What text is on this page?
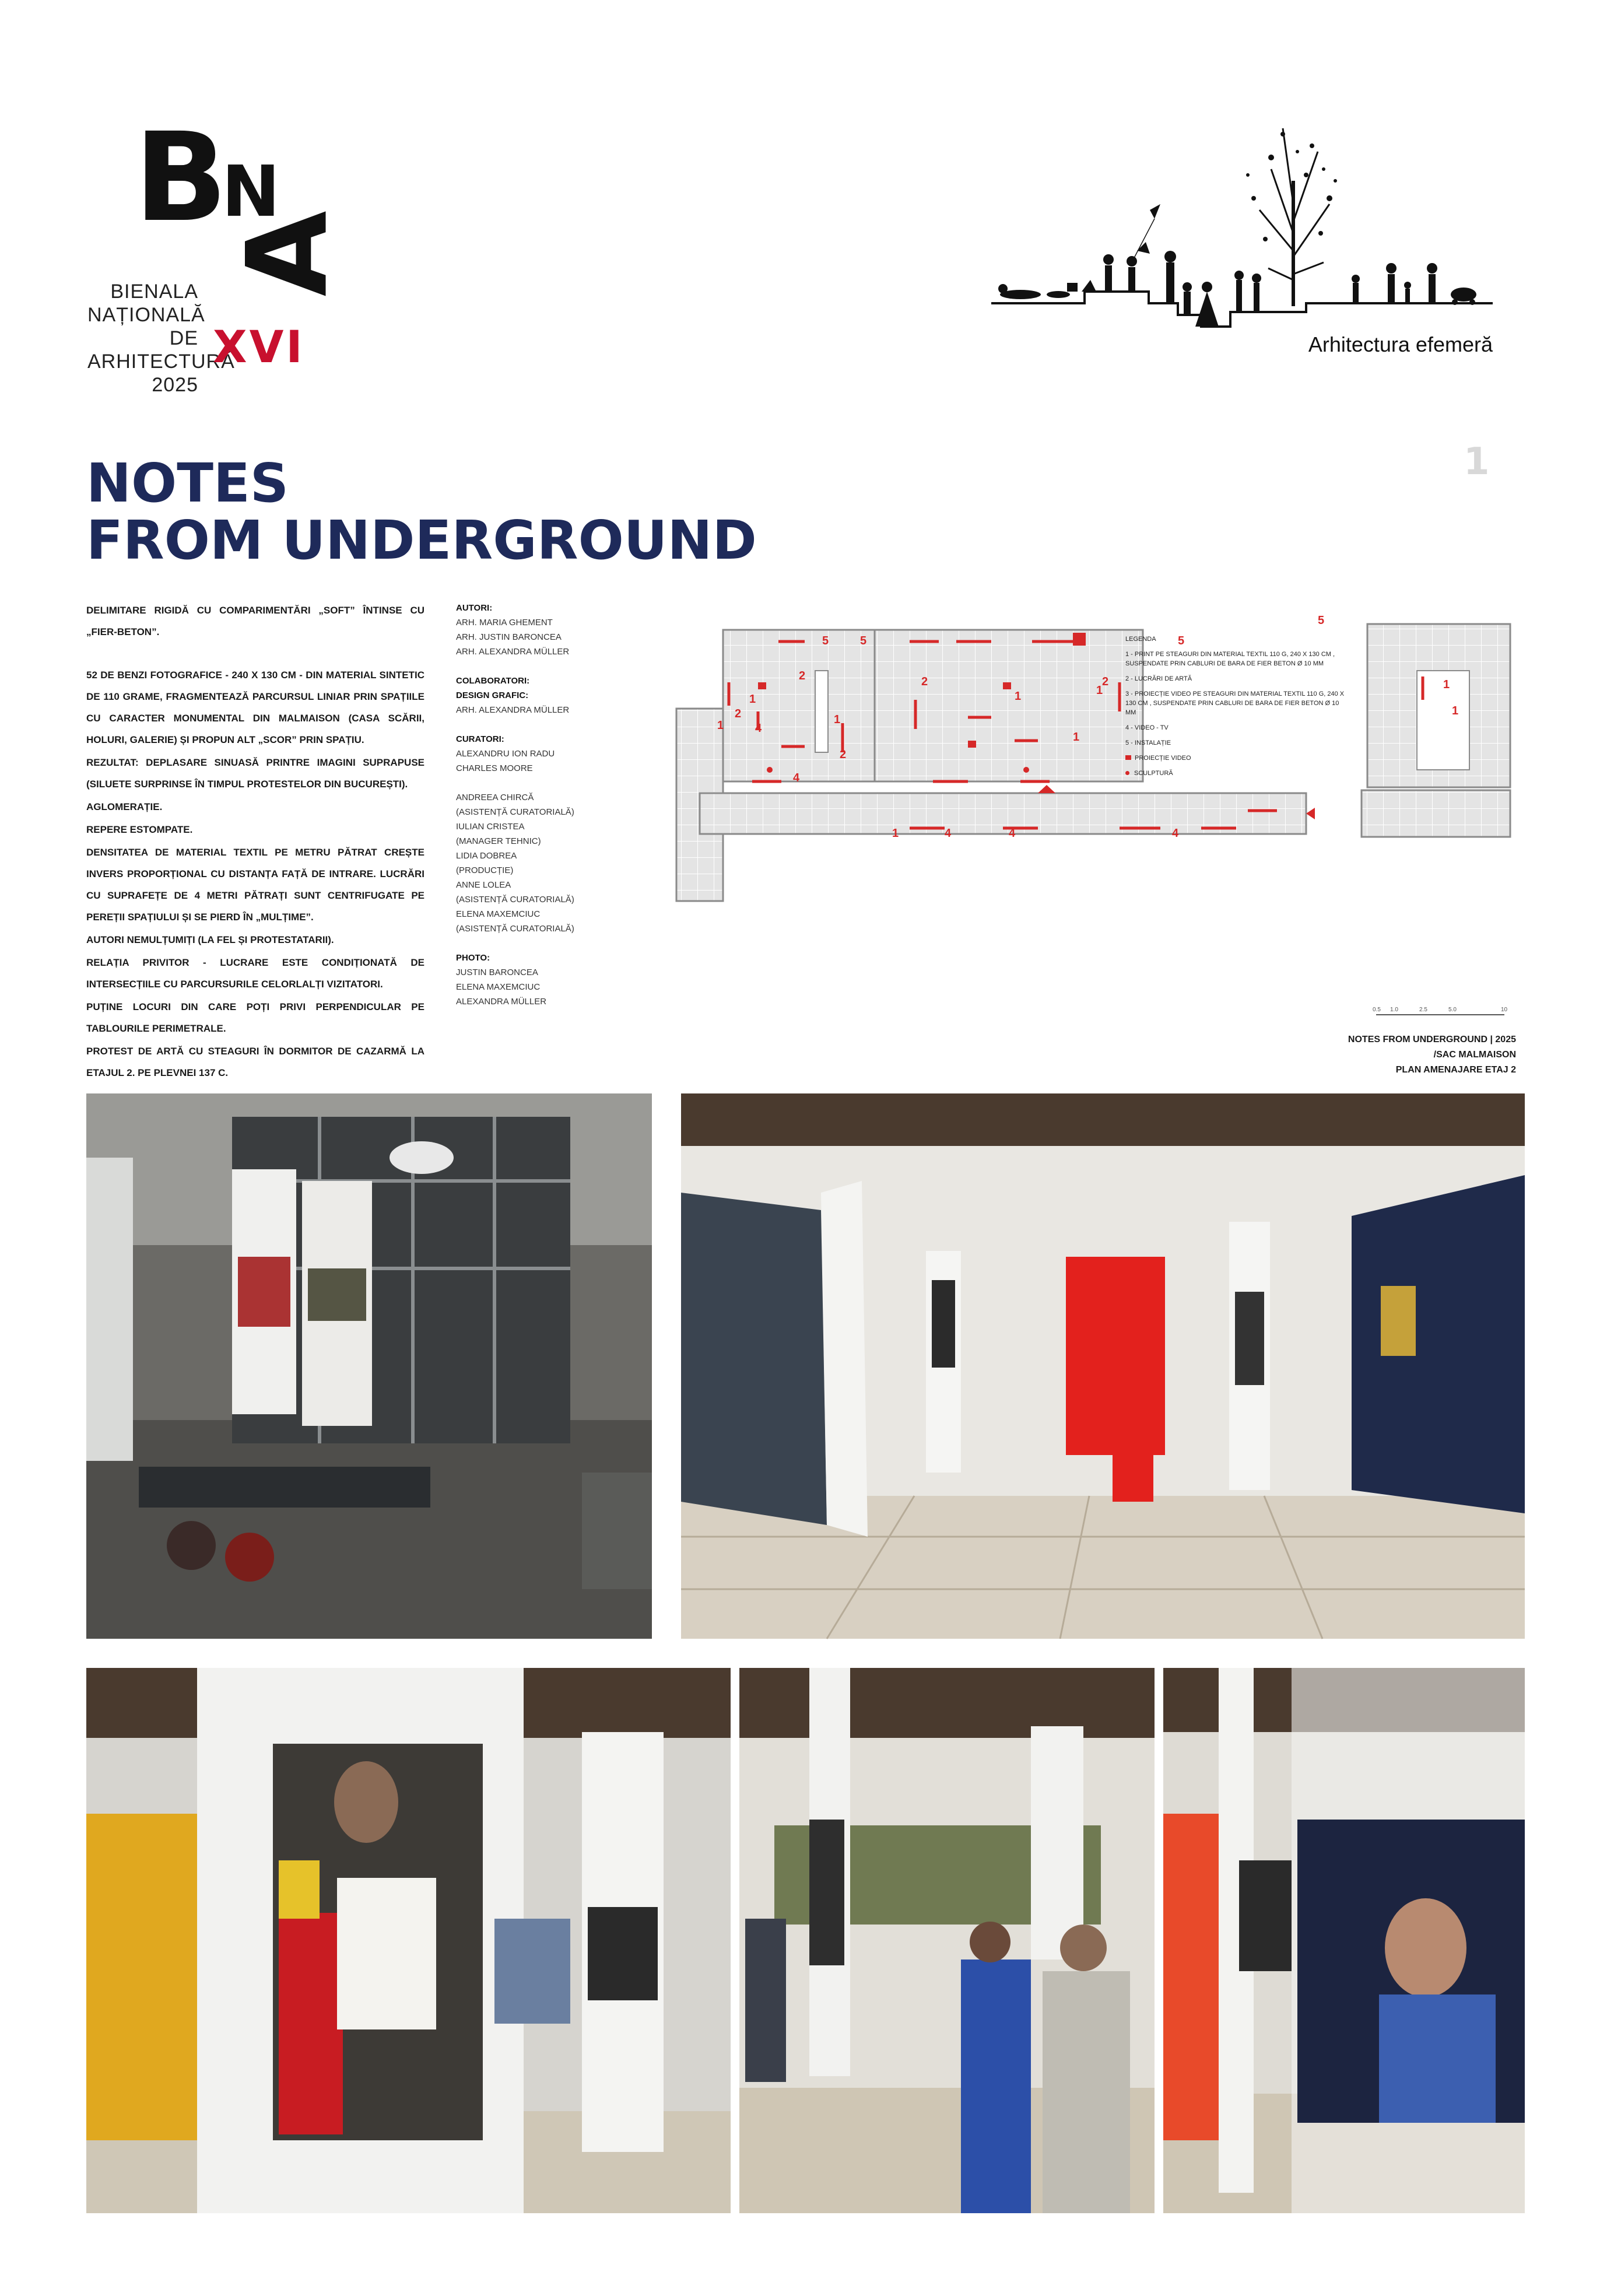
B
N
A
BIENALA
NAȚIONALĂ
DE
ARHITECTURĂ
2025
XVI	Arhitectura efemeră
1
NOTES
FROM UNDERGROUND

DELIMITARE RIGIDĂ CU COMPARIMENTĂRI „SOFT” ÎNTINSE CU „FIER-BETON”.

52 DE BENZI FOTOGRAFICE - 240 X 130 CM - DIN MATERIAL SINTETIC DE 110 GRAME, FRAGMENTEAZĂ PARCURSUL LINIAR PRIN SPAȚIILE CU CARACTER MONUMENTAL DIN MALMAISON (CASA SCĂRII, HOLURI, GALERIE) ȘI PROPUN ALT „SCOR” PRIN SPAȚIU.

REZULTAT: DEPLASARE SINUASĂ PRINTRE IMAGINI SUPRAPUSE (SILUETE SURPRINSE ÎN TIMPUL PROTESTELOR DIN BUCUREȘTI).

AGLOMERAȚIE.

REPERE ESTOMPATE.

DENSITATEA DE MATERIAL TEXTIL PE METRU PĂTRAT CREȘTE INVERS PROPORȚIONAL CU DISTANȚA FAȚĂ DE INTRARE. LUCRĂRI CU SUPRAFEȚE DE 4 METRI PĂTRAȚI SUNT CENTRIFUGATE PE PEREȚII SPAȚIULUI ȘI SE PIERD ÎN „MULȚIME”.

AUTORI NEMULȚUMIȚI (LA FEL ȘI PROTESTATARII).

RELAȚIA PRIVITOR - LUCRARE ESTE CONDIȚIONATĂ DE INTERSECȚIILE CU PARCURSURILE CELORLALȚI VIZITATORI.

PUȚINE LOCURI DIN CARE POȚI PRIVI PERPENDICULAR PE TABLOURILE PERIMETRALE.

PROTEST DE ARTĂ CU STEAGURI ÎN DORMITOR DE CAZARMĂ LA ETAJUL 2. PE PLEVNEI 137 C.

AUTORI:
ARH. MARIA GHEMENT
ARH. JUSTIN BARONCEA
ARH. ALEXANDRA MÜLLER
COLABORATORI:
DESIGN GRAFIC:
ARH. ALEXANDRA MÜLLER
CURATORI:
ALEXANDRU ION RADU
CHARLES MOORE
ANDREEA CHIRCĂ
(ASISTENȚĂ CURATORIALĂ)
IULIAN CRISTEA
(MANAGER TEHNIC)
LIDIA DOBREA
(PRODUCȚIE)
ANNE LOLEA
(ASISTENȚĂ CURATORIALĂ)
ELENA MAXEMCIUC
(ASISTENȚĂ CURATORIALĂ)
PHOTO:
JUSTIN BARONCEA
ELENA MAXEMCIUC
ALEXANDRA MÜLLER
5	5	5
2	2	2
2
1	1	1
1
1
1
1	4	4	4
4
4
2
5
1
1
0.5 1.0	2.5	5.0	10
LEGENDA
1 - PRINT PE STEAGURI DIN MATERIAL TEXTIL 110 G, 240 X 130 CM , SUSPENDATE PRIN CABLURI DE BARA DE FIER BETON Ø 10 MM
2 - LUCRĂRI DE ARTĂ
3 - PROIECȚIE VIDEO PE STEAGURI DIN MATERIAL TEXTIL 110 G, 240 X 130 CM , SUSPENDATE PRIN CABLURI DE BARA DE FIER BETON Ø 10 MM
4 - VIDEO - TV
5 - INSTALAȚIE
PROIECȚIE VIDEO
SCULPTURĂ
NOTES FROM UNDERGROUND | 2025
/SAC MALMAISON
PLAN AMENAJARE ETAJ 2
